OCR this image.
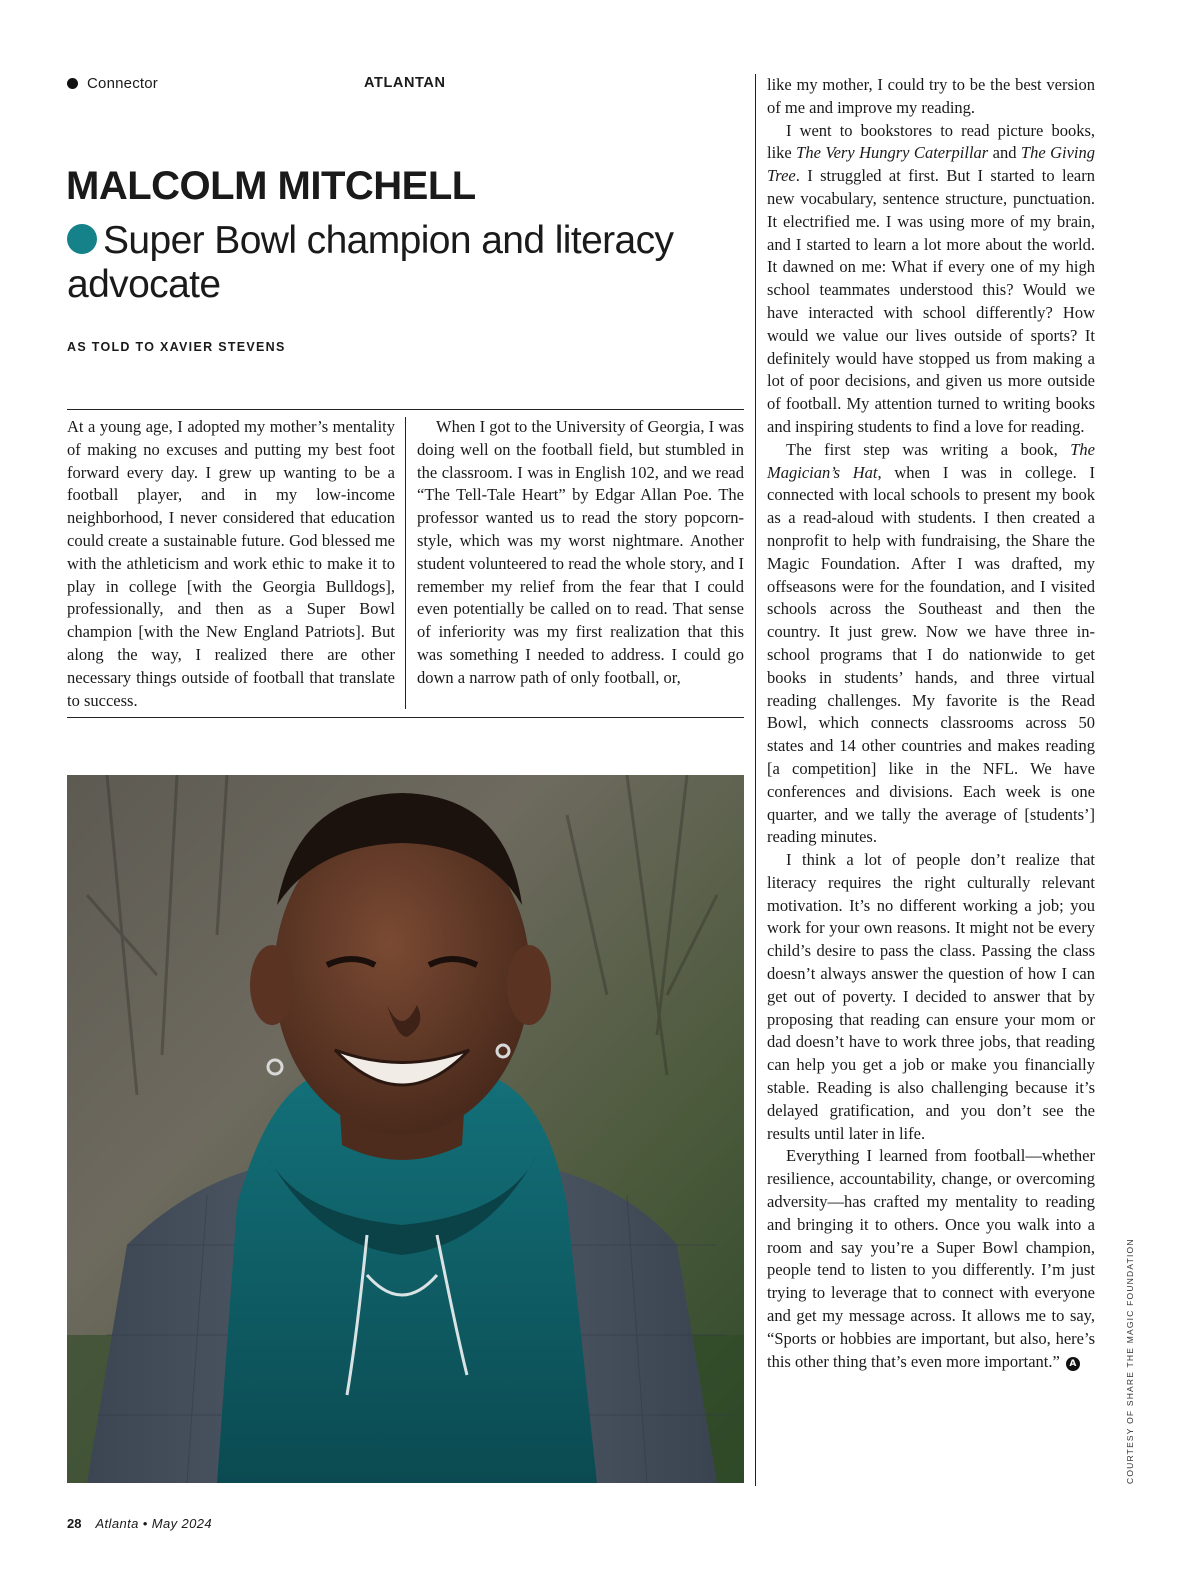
Connector	ATLANTAN
MALCOLM MITCHELL
Super Bowl champion and literacy advocate
AS TOLD TO XAVIER STEVENS

At a young age, I adopted my mother’s mentality of making no excuses and putting my best foot forward every day. I grew up wanting to be a football player, and in my low-income neighborhood, I never considered that education could create a sustainable future. God blessed me with the athleticism and work ethic to make it to play in college [with the Georgia Bulldogs], professionally, and then as a Super Bowl champion [with the New England Patriots]. But along the way, I realized there are other necessary things outside of football that translate to success.

When I got to the University of Georgia, I was doing well on the football field, but stumbled in the classroom. I was in English 102, and we read “The Tell-Tale Heart” by Edgar Allan Poe. The professor wanted us to read the story popcorn-style, which was my worst nightmare. Another student volunteered to read the whole story, and I remember my relief from the fear that I could even potentially be called on to read. That sense of inferiority was my first realization that this was something I needed to address. I could go down a narrow path of only football, or,

like my mother, I could try to be the best version of me and improve my reading.

I went to bookstores to read picture books, like The Very Hungry Caterpillar and The Giving Tree. I struggled at first. But I started to learn new vocabulary, sentence structure, punctuation. It electrified me. I was using more of my brain, and I started to learn a lot more about the world. It dawned on me: What if every one of my high school teammates understood this? Would we have interacted with school differently? How would we value our lives outside of sports? It definitely would have stopped us from making a lot of poor decisions, and given us more outside of football. My attention turned to writing books and inspiring students to find a love for reading.

The first step was writing a book, The Magician’s Hat, when I was in college. I connected with local schools to present my book as a read-aloud with students. I then created a nonprofit to help with fundraising, the Share the Magic Foundation. After I was drafted, my offseasons were for the foundation, and I visited schools across the Southeast and then the country. It just grew. Now we have three in-school programs that I do nationwide to get books in students’ hands, and three virtual reading challenges. My favorite is the Read Bowl, which connects classrooms across 50 states and 14 other countries and makes reading [a competition] like in the NFL. We have conferences and divisions. Each week is one quarter, and we tally the average of [students’] reading minutes.

I think a lot of people don’t realize that literacy requires the right culturally relevant motivation. It’s no different working a job; you work for your own reasons. It might not be every child’s desire to pass the class. Passing the class doesn’t always answer the question of how I can get out of poverty. I decided to answer that by proposing that reading can ensure your mom or dad doesn’t have to work three jobs, that reading can help you get a job or make you financially stable. Reading is also challenging because it’s delayed gratification, and you don’t see the results until later in life.

Everything I learned from football—whether resilience, accountability, change, or overcoming adversity—has crafted my mentality to reading and bringing it to others. Once you walk into a room and say you’re a Super Bowl champion, people tend to listen to you differently. I’m just trying to leverage that to connect with everyone and get my message across. It allows me to say, “Sports or hobbies are important, but also, here’s this other thing that’s even more important.” A	COURTESY OF SHARE THE MAGIC FOUNDATION
28 Atlanta • May 2024
